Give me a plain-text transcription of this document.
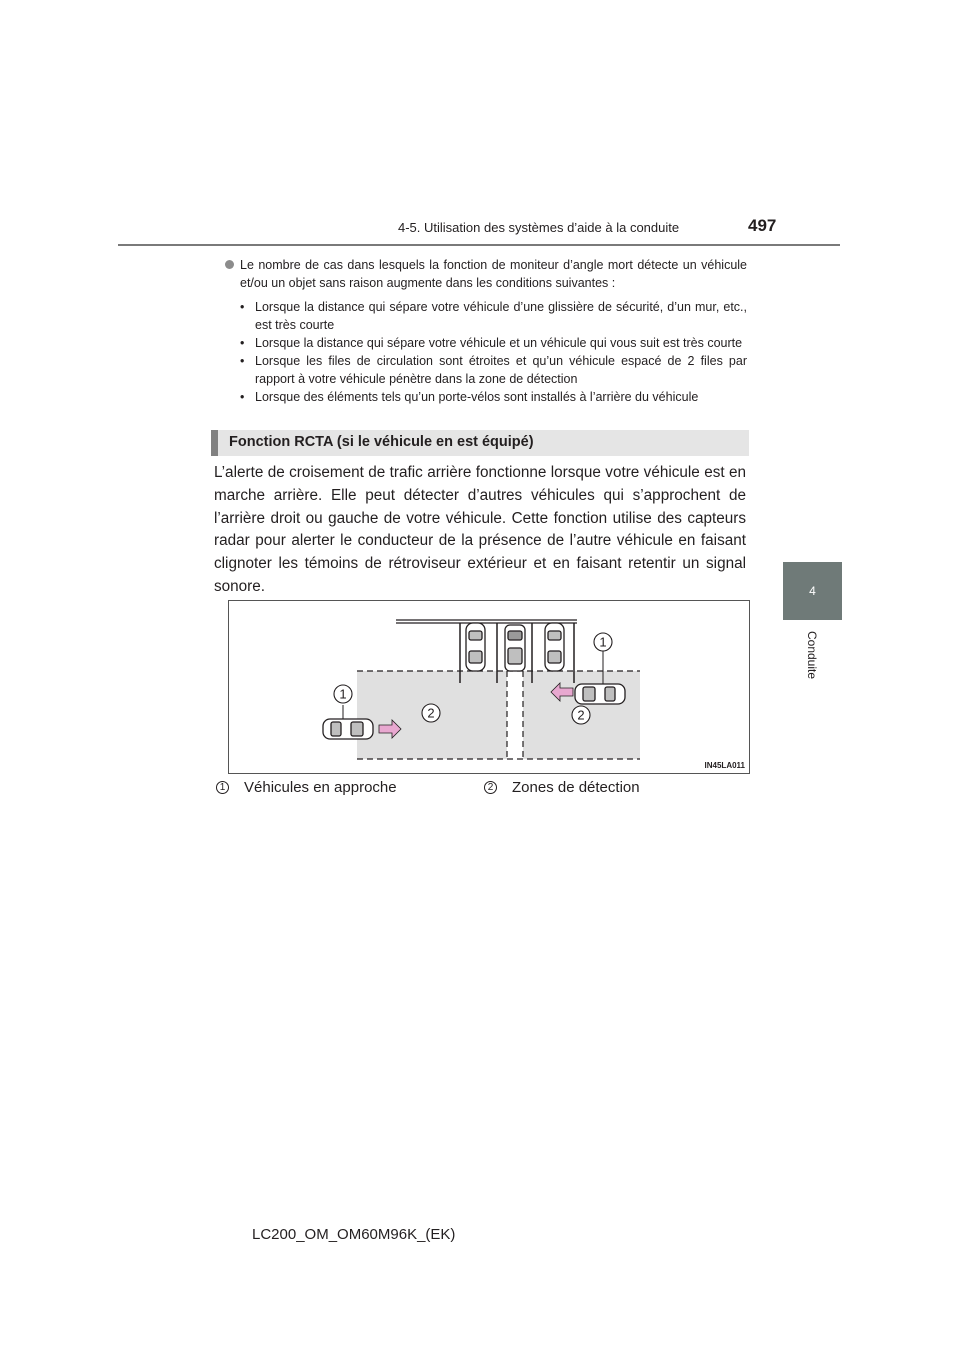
4-5. Utilisation des systèmes d’aide à la conduite	497
4
Conduite
Le nombre de cas dans lesquels la fonction de moniteur d’angle mort détecte un véhicule et/ou un objet sans raison augmente dans les conditions suivantes :
• Lorsque la distance qui sépare votre véhicule d’une glissière de sécurité, d’un mur, etc., est très courte
• Lorsque la distance qui sépare votre véhicule et un véhicule qui vous suit est très courte
• Lorsque les files de circulation sont étroites et qu’un véhicule espacé de 2 files par rapport à votre véhicule pénètre dans la zone de détection
• Lorsque des éléments tels qu’un porte-vélos sont installés à l’arrière du véhicule
Fonction RCTA (si le véhicule en est équipé)
L’alerte de croisement de trafic arrière fonctionne lorsque votre véhicule est en marche arrière. Elle peut détecter d’autres véhicules qui s’approchent de l’arrière droit ou gauche de votre véhicule. Cette fonction utilise des capteurs radar pour alerter le conducteur de la présence de l’autre véhicule en faisant clignoter les témoins de rétroviseur extérieur et en faisant retentir un signal sonore.
1
1
2	2
IN45LA011
1 Véhicules en approche	2 Zones de détection
LC200_OM_OM60M96K_(EK)
